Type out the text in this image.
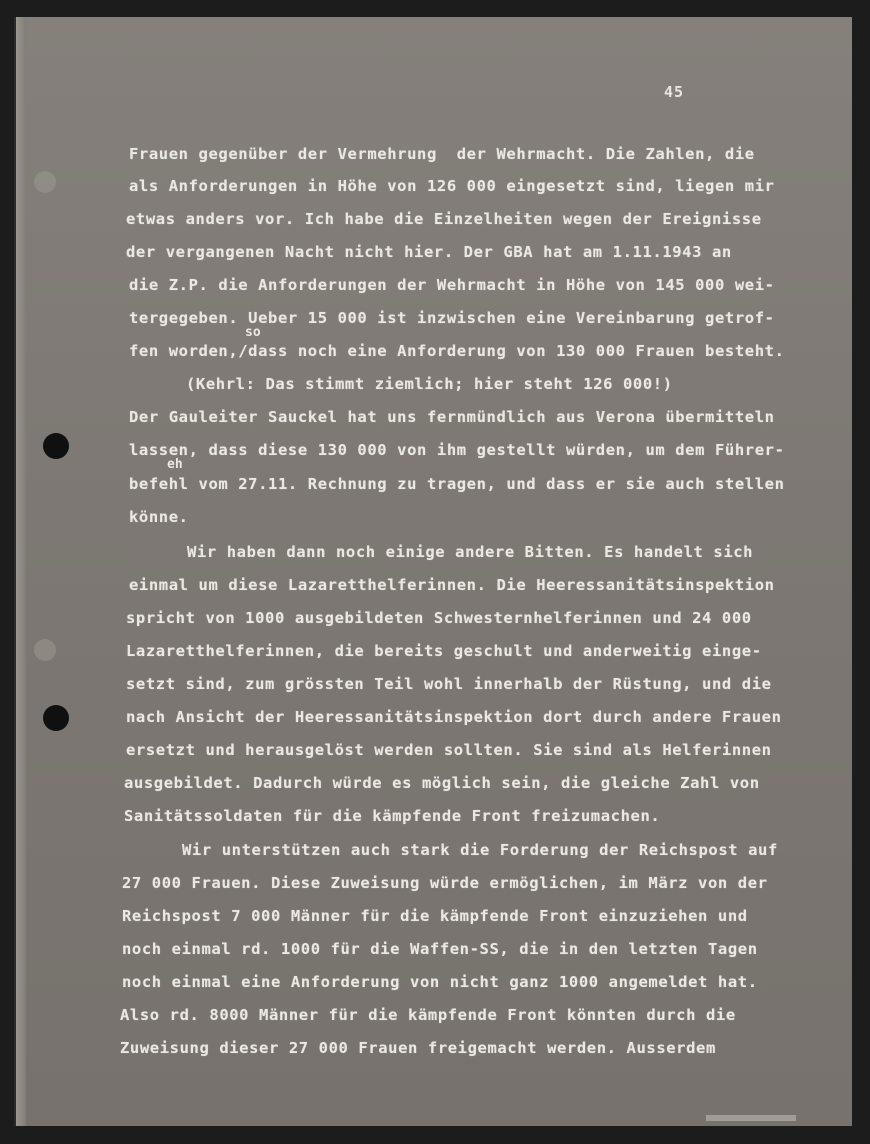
45
Frauen gegenüber der Vermehrung  der Wehrmacht. Die Zahlen, die
als Anforderungen in Höhe von 126 000 eingesetzt sind, liegen mir
etwas anders vor. Ich habe die Einzelheiten wegen der Ereignisse
der vergangenen Nacht nicht hier. Der GBA hat am 1.11.1943 an
die Z.P. die Anforderungen der Wehrmacht in Höhe von 145 000 wei-
tergegeben. Ueber 15 000 ist inzwischen eine Vereinbarung getrof-
so
fen worden,/dass noch eine Anforderung von 130 000 Frauen besteht.
(Kehrl: Das stimmt ziemlich; hier steht 126 000!)
Der Gauleiter Sauckel hat uns fernmündlich aus Verona übermitteln
lassen, dass diese 130 000 von ihm gestellt würden, um dem Führer-
eh
befehl vom 27.11. Rechnung zu tragen, und dass er sie auch stellen
könne.
Wir haben dann noch einige andere Bitten. Es handelt sich
einmal um diese Lazaretthelferinnen. Die Heeressanitätsinspektion
spricht von 1000 ausgebildeten Schwesternhelferinnen und 24 000
Lazaretthelferinnen, die bereits geschult und anderweitig einge-
setzt sind, zum grössten Teil wohl innerhalb der Rüstung, und die
nach Ansicht der Heeressanitätsinspektion dort durch andere Frauen
ersetzt und herausgelöst werden sollten. Sie sind als Helferinnen
ausgebildet. Dadurch würde es möglich sein, die gleiche Zahl von
Sanitätssoldaten für die kämpfende Front freizumachen.
Wir unterstützen auch stark die Forderung der Reichspost auf
27 000 Frauen. Diese Zuweisung würde ermöglichen, im März von der
Reichspost 7 000 Männer für die kämpfende Front einzuziehen und
noch einmal rd. 1000 für die Waffen-SS, die in den letzten Tagen
noch einmal eine Anforderung von nicht ganz 1000 angemeldet hat.
Also rd. 8000 Männer für die kämpfende Front könnten durch die
Zuweisung dieser 27 000 Frauen freigemacht werden. Ausserdem
